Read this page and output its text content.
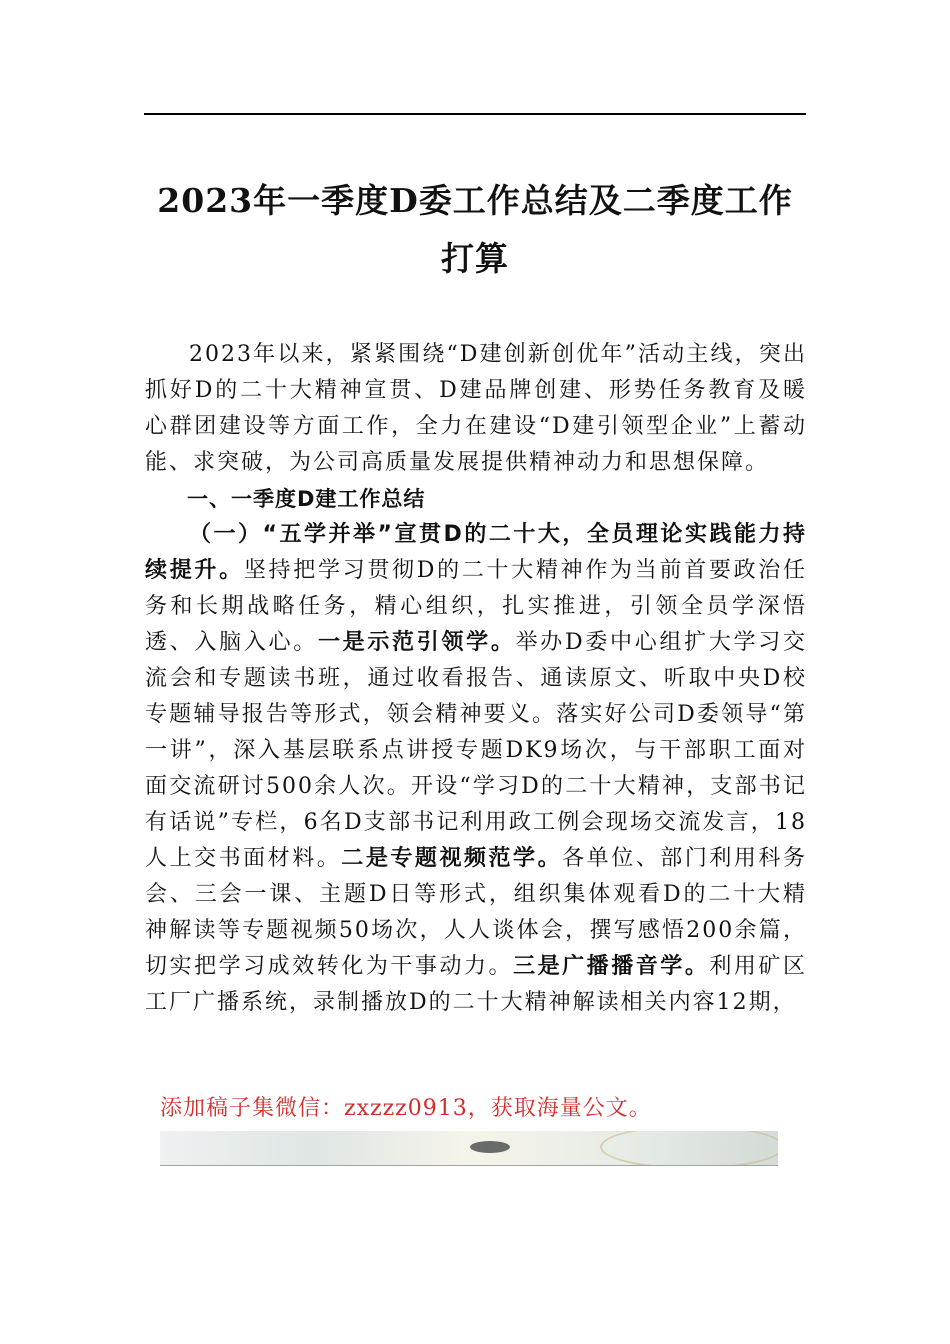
2023年一季度D委工作总结及二季度工作
打算

2023年以来，紧紧围绕“D建创新创优年”活动主线，突出抓好D的二十大精神宣贯、D建品牌创建、形势任务教育及暖心群团建设等方面工作，全力在建设“D建引领型企业”上蓄动能、求突破，为公司高质量发展提供精神动力和思想保障。

一、一季度D建工作总结

（一）“五学并举”宣贯D的二十大，全员理论实践能力持续提升。坚持把学习贯彻D的二十大精神作为当前首要政治任务和长期战略任务，精心组织，扎实推进，引领全员学深悟透、入脑入心。一是示范引领学。举办D委中心组扩大学习交流会和专题读书班，通过收看报告、通读原文、听取中央D校专题辅导报告等形式，领会精神要义。落实好公司D委领导“第一讲”，深入基层联系点讲授专题DK9场次，与干部职工面对面交流研讨500余人次。开设“学习D的二十大精神，支部书记有话说”专栏，6名D支部书记利用政工例会现场交流发言，18人上交书面材料。二是专题视频范学。各单位、部门利用科务会、三会一课、主题D日等形式，组织集体观看D的二十大精神解读等专题视频50场次，人人谈体会，撰写感悟200余篇，切实把学习成效转化为干事动力。三是广播播音学。利用矿区工厂广播系统，录制播放D的二十大精神解读相关内容12期，

添加稿子集微信：zxzzz0913，获取海量公文。
